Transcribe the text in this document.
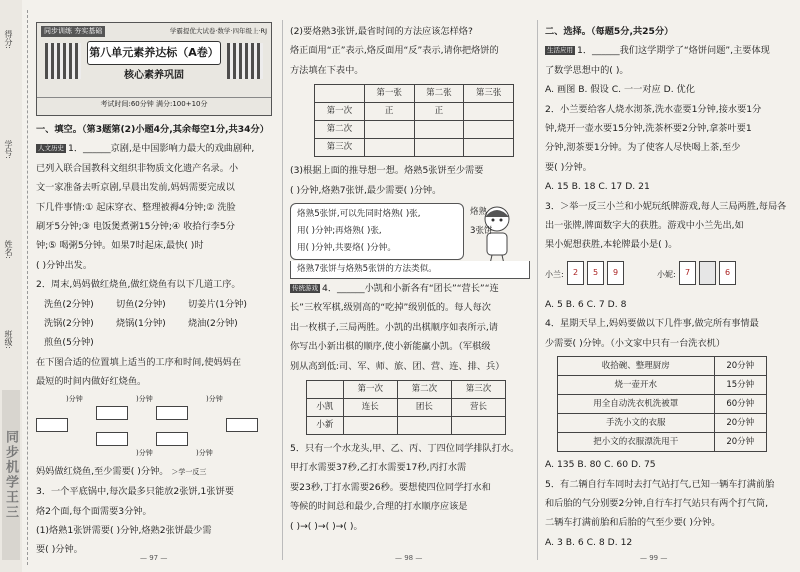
得分:
学号:
姓名:
班级:
同步机学王三
同步训练 夯实基础	学霸提优大试卷·数学·四年级上·RJ
第八单元素养达标（A卷）
核心素养巩固
考试时间:60分钟 满分:100+10分

一、填空。（第3题第(2)小题4分,其余每空1分,共34分）

人文历史 1．______京剧,是中国影响力最大的戏曲剧种,

已列入联合国教科文组织非物质文化遗产名录。小

文一家准备去听京剧,早晨出发前,妈妈需要完成以

下几件事情:① 起床穿衣、整理被褥4分钟;② 洗脸

刷牙5分钟;③ 电饭煲煮粥15分钟;④ 收拾行李5分

钟;⑤ 喝粥5分钟。如果7时起床,最快( )时

( )分钟出发。

2．周末,妈妈做红烧鱼,做红烧鱼有以下几道工序。

洗鱼(2分钟)	切鱼(2分钟)	切姜片(1分钟)
洗锅(2分钟)	烧锅(1分钟)	烧油(2分钟)
煎鱼(5分钟)

在下图合适的位置填上适当的工序和时间,使妈妈在

最短的时间内做好红烧鱼。

)分钟	)分钟	)分钟
)分钟	)分钟

妈妈做红烧鱼,至少需要( )分钟。 ＞学一反三

3．一个平底锅中,每次最多只能放2张饼,1张饼要

烙2个面,每个面需要3分钟。

(1)烙熟1张饼需要( )分钟,烙熟2张饼最少需

要( )分钟。

— 97 —

(2)要烙熟3张饼,最省时间的方法应该怎样烙?

烙正面用“正”表示,烙反面用“反”表示,请你把烙饼的

方法填在下表中。

	第一张	第二张	第三张
第一次	正	正	
第二次			
第三次			

(3)根据上面的推导想一想。烙熟5张饼至少需要

( )分钟,烙熟7张饼,最少需要( )分钟。

烙熟5张饼,可以先同时烙熟( )张,

用( )分钟;再烙熟( )张,

用( )分钟,共要烙( )分钟。

烙熟
3张饼
烙熟7张饼与烙熟5张饼的方法类似。

传统游戏 4．______小凯和小新各有“团长”“营长”“连

长”三枚军棋,级别高的“吃掉”级别低的。每人每次

出一枚棋子,三局两胜。小凯的出棋顺序如表所示,请

你写出小新出棋的顺序,使小新能赢小凯。（军棋级

别从高到低:司、军、师、旅、团、营、连、排、兵）

	第一次	第二次	第三次
小凯	连长	团长	营长
小新			

5．只有一个水龙头,甲、乙、丙、丁四位同学排队打水。

甲打水需要37秒,乙打水需要17秒,丙打水需

要23秒,丁打水需要26秒。要想使四位同学打水和

等候的时间总和最少,合理的打水顺序应该是

( )→( )→( )→( )。

— 98 —

二、选择。（每题5分,共25分）

生活应用 1．______我们这学期学了“烙饼问题”,主要体现

了数学思想中的( )。

A. 画图 B. 假设 C. 一一对应 D. 优化

2．小兰要给客人烧水沏茶,洗水壶要1分钟,接水要1分

钟,烧开一壶水要15分钟,洗茶杯要2分钟,拿茶叶要1

分钟,沏茶要1分钟。为了使客人尽快喝上茶,至少

要( )分钟。

A. 15 B. 18 C. 17 D. 21

3．＞举一反三小兰和小妮玩纸牌游戏,每人三局两胜,每局各

出一张牌,牌面数字大的获胜。游戏中小兰先出,如

果小妮想获胜,本轮牌最小是( )。

小兰:	2	5	9	小妮:	7	6

A. 5 B. 6 C. 7 D. 8

4．星期天早上,妈妈要做以下几件事,做完所有事情最

少需要( )分钟。（小文家中只有一台洗衣机）

收拾碗、整理厨房	20分钟
烧一壶开水	15分钟
用全自动洗衣机洗被罩	60分钟
手洗小文的衣服	20分钟
把小文的衣服漂洗甩干	20分钟

A. 135 B. 80 C. 60 D. 75

5．有二辆自行车同时去打气站打气,已知一辆车打满前胎

和后胎的气分别要2分钟,自行车打气站只有两个打气筒,

二辆车打满前胎和后胎的气至少要( )分钟。

A. 3 B. 6 C. 8 D. 12

— 99 —
